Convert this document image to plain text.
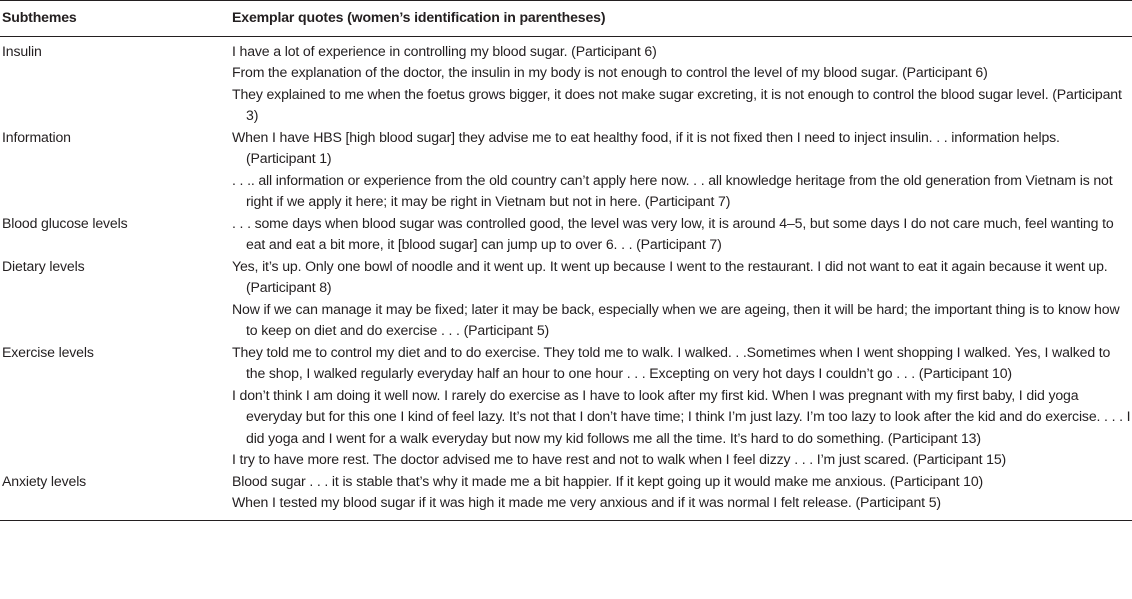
Subthemes	Exemplar quotes (women’s identification in parentheses)
Insulin	I have a lot of experience in controlling my blood sugar. (Participant 6)

From the explanation of the doctor, the insulin in my body is not enough to control the level of my blood sugar. (Participant 6)

They explained to me when the foetus grows bigger, it does not make sugar excreting, it is not enough to control the blood sugar level. (Participant 3)

Information	When I have HBS [high blood sugar] they advise me to eat healthy food, if it is not fixed then I need to inject insulin. . . information helps. (Participant 1)

. . .. all information or experience from the old country can’t apply here now. . . all knowledge heritage from the old generation from Vietnam is not right if we apply it here; it may be right in Vietnam but not in here. (Participant 7)

Blood glucose levels	. . . some days when blood sugar was controlled good, the level was very low, it is around 4–5, but some days I do not care much, feel wanting to eat and eat a bit more, it [blood sugar] can jump up to over 6. . . (Participant 7)

Dietary levels	Yes, it’s up. Only one bowl of noodle and it went up. It went up because I went to the restaurant. I did not want to eat it again because it went up. (Participant 8)

Now if we can manage it may be fixed; later it may be back, especially when we are ageing, then it will be hard; the important thing is to know how to keep on diet and do exercise . . . (Participant 5)

Exercise levels	They told me to control my diet and to do exercise. They told me to walk. I walked. . .Sometimes when I went shopping I walked. Yes, I walked to the shop, I walked regularly everyday half an hour to one hour . . . Excepting on very hot days I couldn’t go . . . (Participant 10)

I don’t think I am doing it well now. I rarely do exercise as I have to look after my first kid. When I was pregnant with my first baby, I did yoga everyday but for this one I kind of feel lazy. It’s not that I don’t have time; I think I’m just lazy. I’m too lazy to look after the kid and do exercise. . . . I did yoga and I went for a walk everyday but now my kid follows me all the time. It’s hard to do something. (Participant 13)

I try to have more rest. The doctor advised me to have rest and not to walk when I feel dizzy . . . I’m just scared. (Participant 15)

Anxiety levels	Blood sugar . . . it is stable that’s why it made me a bit happier. If it kept going up it would make me anxious. (Participant 10)

When I tested my blood sugar if it was high it made me very anxious and if it was normal I felt release. (Participant 5)
